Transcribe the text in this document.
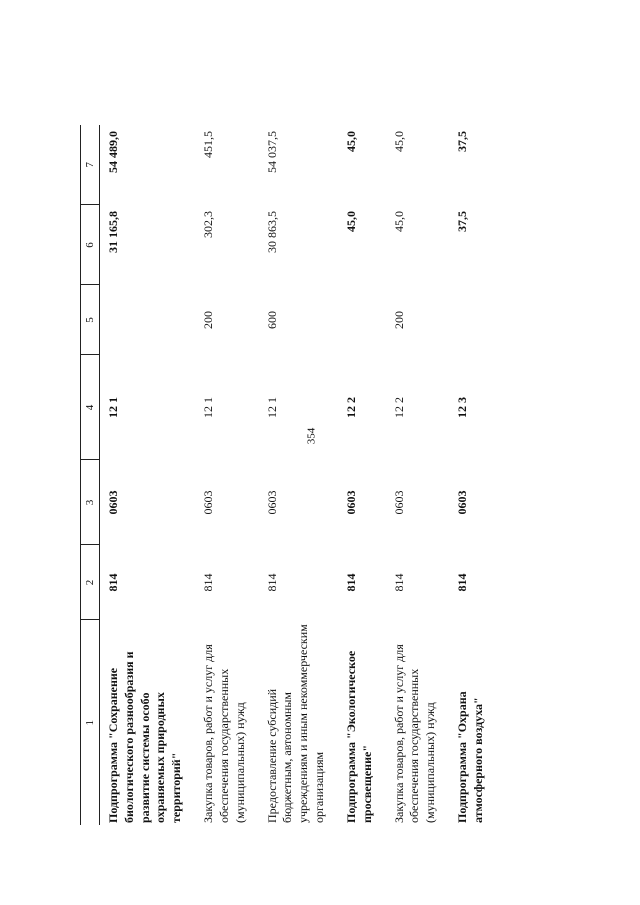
354
1	2	3	4	5	6	7
Подпрограмма "Сохранение биологического разнообразия и развитие системы особо охраняемых природных территорий"	814	0603	12 1		31 165,8	54 489,0
Закупка товаров, работ и услуг для обеспечения государственных (муниципальных) нужд	814	0603	12 1	200	302,3	451,5
Предоставление субсидий бюджетным, автономным учреждениям и иным некоммерческим организациям	814	0603	12 1	600	30 863,5	54 037,5
Подпрограмма "Экологическое просвещение"	814	0603	12 2		45,0	45,0
Закупка товаров, работ и услуг для обеспечения государственных (муниципальных) нужд	814	0603	12 2	200	45,0	45,0
Подпрограмма "Охрана атмосферного воздуха"	814	0603	12 3		37,5	37,5
